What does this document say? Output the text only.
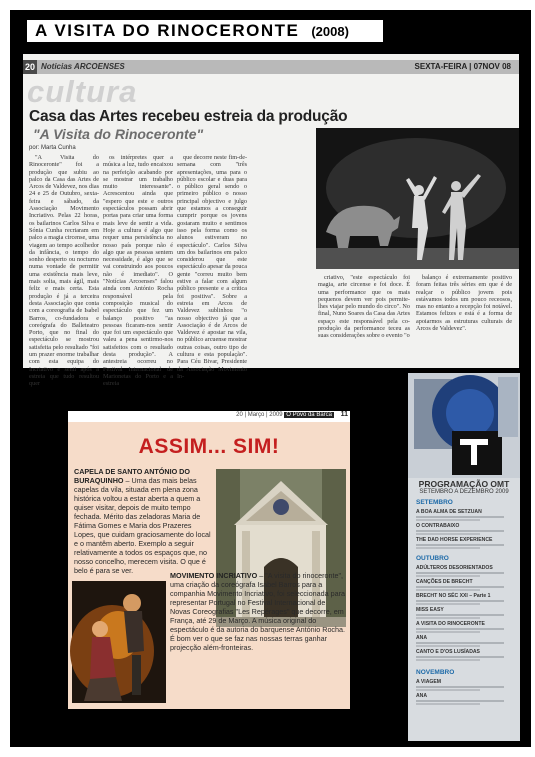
A VISITA DO RINOCERONTE (2008)
20 Noticias ARCOENSES	SEXTA-FEIRA | 07NOV 08
cultura
Casa das Artes recebeu estreia da produção
"A Visita do Rinoceronte"
por: Marta Cunha

"A Visita do Rinoceronte" foi a produção que subiu ao palco da Casa das Artes de Arcos de Valdevez, nos dias 24 e 25 de Outubro, sexta-feira e sábado, da Associação Movimento Incriativo. Pelas 22 horas, os bailarinos Carlos Silva e Sónia Cunha recriaram em palco a magia circense, uma viagem ao tempo acolhedor da infância, o tempo do sonho desperto ou nocturno numa vontade de permitir uma existência mais leve, mais solta, mais ágil, mais feliz e mais certa. Esta produção é já a terceira desta Associação que conta com a coreografia de Isabel Barros, co-fundadora e coreógrafa do Balleteatro Porto, que no final do espectáculo se mostrou satisfeita pelo resultado "foi um prazer enorme trabalhar com esta equipa do Incriativo e senti após a estreia que tudo resultou quer

os intérpretes quer a música a luz, tudo encaixou na perfeição acabando por se mostrar um trabalho muito interessante". Acrescentou ainda que "espero que este e outros espectáculos possam abrir portas para criar uma forma mais leve de sentir a vida. Hoje a cultura é algo que requer uma persistência no nosso país porque não é algo que as pessoas sentem necessidade, é algo que se vai construindo aos poucos não é imediato". O "Notícias Arcoenses" falou ainda com António Rocha responsável pela composição musical do espectáculo que fez um balanço positivo "as pessoas ficaram-nos sentir que foi um espectáculo que valeu a pena sentirmo-nos satisfeitos com o resultado desta produção". A antestreia ocorreu no Festival Internacional de Marionetas do Porto e a estreia

que decorre neste fim-de-semana com "três apresentações, uma para o público escolar e duas para o público geral sendo o primeiro público o nosso principal objectivo e julgo que estamos a conseguir cumprir porque os jovens gostaram muito e sentimos isso pela forma como os alunos estiveram no espectáculo". Carlos Silva um dos bailarinos em palco considerou que este espectáculo apesar da pouca gente "correu muito bem estive a falar com algum público presente e a crítica foi positiva". Sobre a estreia em Arcos de Valdevez sublinhou "o nosso objectivo já que a Associação é de Arcos de Valdevez é apostar na vila, no público arcuense mostrar outras coisas, outro tipo de cultura e esta população". Para Céu Bivar, Presidente da Associação Movimento In-

criativo, "este espectáculo foi magia, arte circense e foi doce. É uma performance que os mais pequenos devem ver pois permite-lhes viajar pelo mundo do circo". No final, Nuno Soares da Casa das Artes espaço este responsável pela co-produção da performance teceu as suas considerações sobre o evento "o

balanço é extremamente positivo foram feitas três séries em que é de realçar o público jovem pois estávamos todos um pouco receosos, mas no entanto a recepção foi notável. Estamos felizes e está é a forma de apoiarmos as estruturas culturais de Arcos de Valdevez".

20 | Março | 2009 O Povo da Barca 11
ASSIM... SIM!
CAPELA DE SANTO ANTÓNIO DO BURAQUINHO – Uma das mais belas capelas da vila, situada em plena zona histórica voltou a estar aberta a quem a quiser visitar, depois de muito tempo fechada. Mérito das zeladoras Maria de Fátima Gomes e Maria dos Prazeres Lopes, que cuidam graciosamente do local e o mantêm aberto. Exemplo a seguir relativamente a todos os espaços que, no nosso concelho, merecem visita. O que é belo é para se ver.
MOVIMENTO INCRIATIVO – "A visita do rinoceronte", uma criação da coreógrafa Isabel Barros para a companhia Movimento Incriativo, foi seleccionada para representar Portugal no Festival Internacional de Novas Coreografias "Les Repérages" que decorre, em França, até 29 de Março. A música original do espectáculo é da autoria do barquense António Rocha. É bom ver o que se faz nas nossas terras ganhar projecção além-fronteiras.
PROGRAMAÇÃO OMT
SETEMBRO A DEZEMBRO 2009
SETEMBRO
A BOA ALMA DE SETZUAN
O CONTRABAIXO
THE DAD HORSE EXPERIENCE
OUTUBRO
ADÚLTEROS DESORIENTADOS
CANÇÕES DE BRECHT
BRECHT NO SÉC XXI – Parte 1
MISS EASY
A VISITA DO RINOCERONTE
ANA
CANTO E D'OS LUSÍADAS
NOVEMBRO
A VIAGEM
ANA
